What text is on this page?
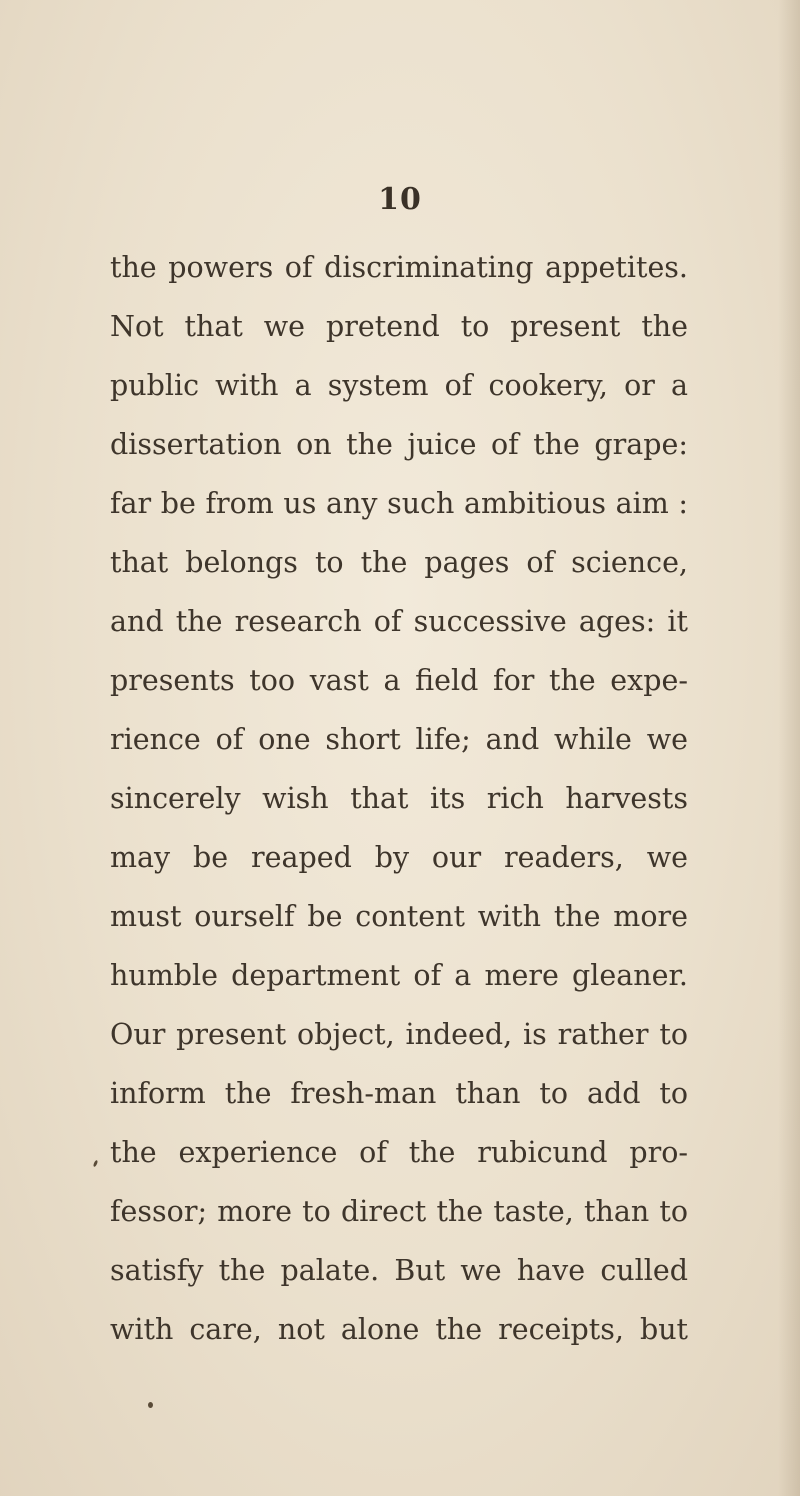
10
the powers of discriminating appetites.
Not that we pretend to present the
public with a system of cookery, or a
dissertation on the juice of the grape:
far be from us any such ambitious aim :
that belongs to the pages of science,
and the research of successive ages: it
presents too vast a field for the expe-
rience of one short life; and while we
sincerely wish that its rich harvests
may be reaped by our readers, we
must ourself be content with the more
humble department of a mere gleaner.
Our present object, indeed, is rather to
inform the fresh-man than to add to
the experience of the rubicund pro-
fessor; more to direct the taste, than to
satisfy the palate. But we have culled
with care, not alone the receipts, but
